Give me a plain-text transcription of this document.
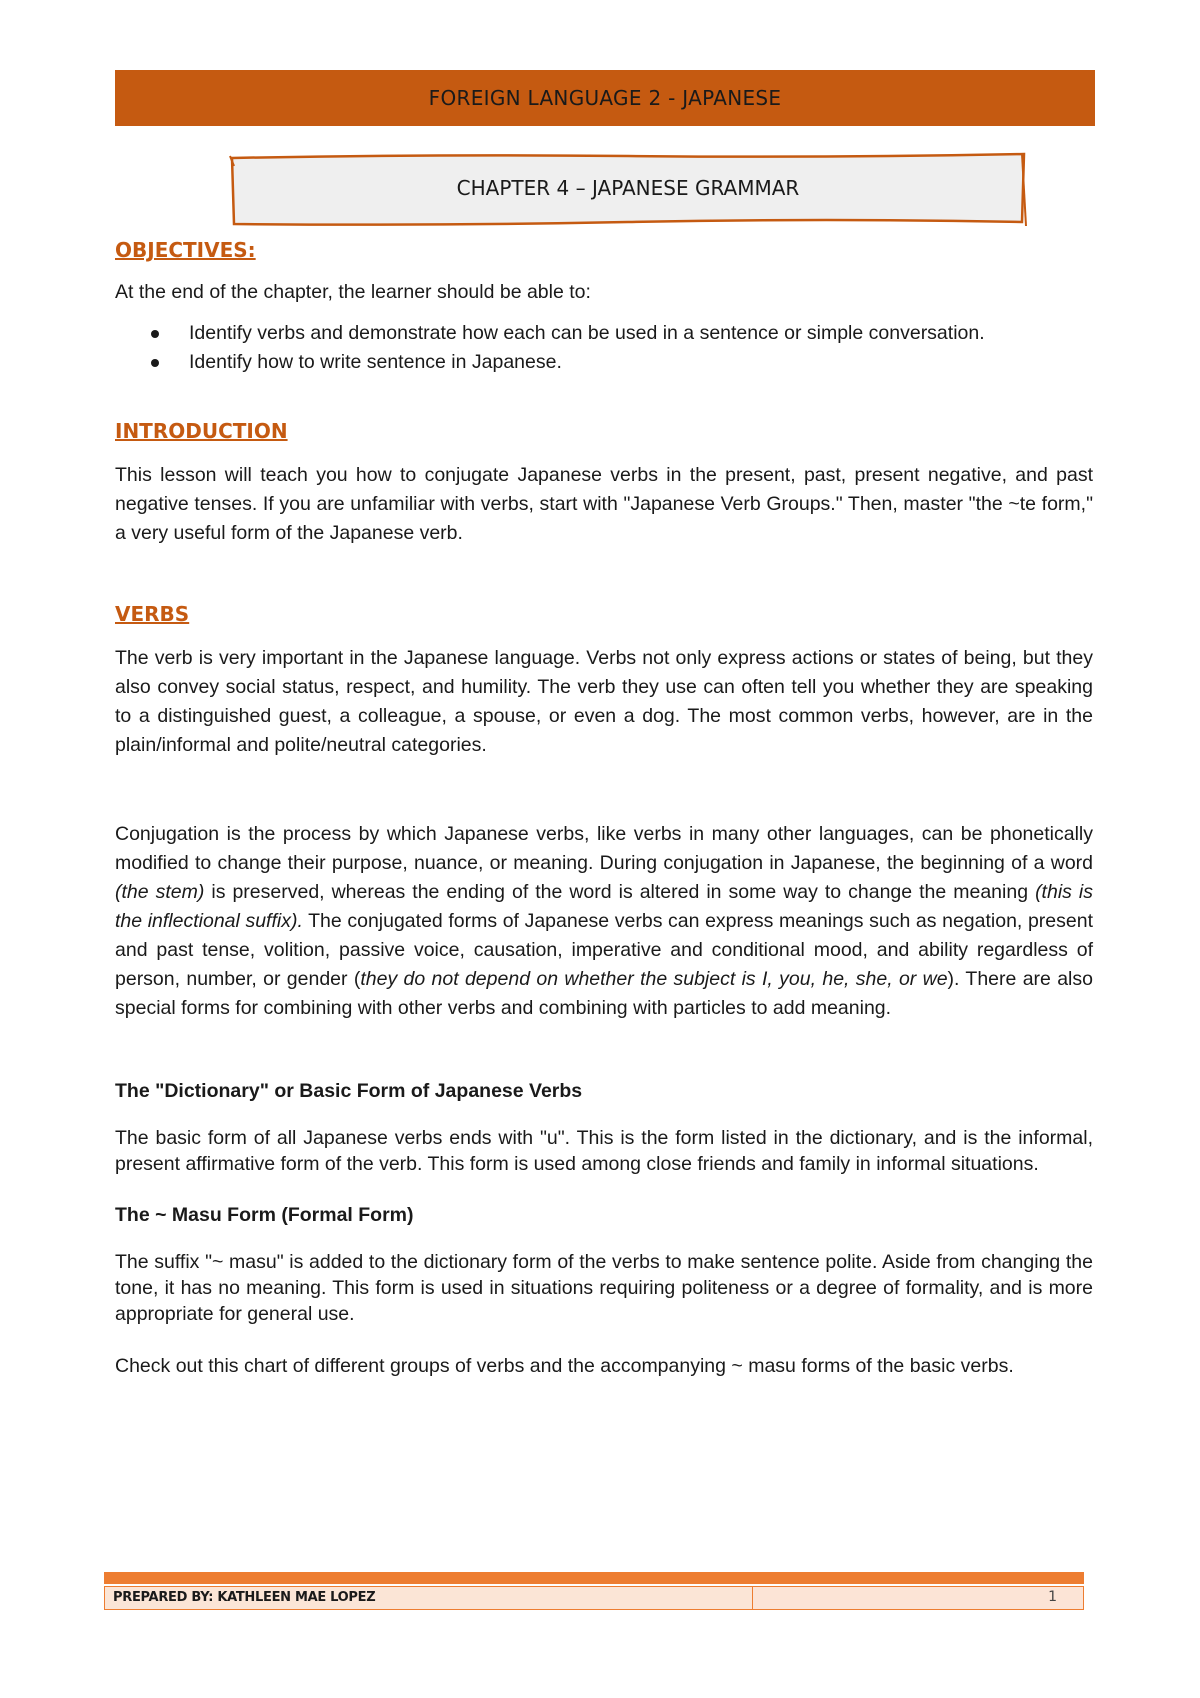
FOREIGN LANGUAGE 2 - JAPANESE
CHAPTER 4 – JAPANESE GRAMMAR
OBJECTIVES:

At the end of the chapter, the learner should be able to:

Identify verbs and demonstrate how each can be used in a sentence or simple conversation.
Identify how to write sentence in Japanese.
INTRODUCTION

This lesson will teach you how to conjugate Japanese verbs in the present, past, present negative, and past negative tenses. If you are unfamiliar with verbs, start with "Japanese Verb Groups." Then, master "the ~te form," a very useful form of the Japanese verb.

VERBS

The verb is very important in the Japanese language. Verbs not only express actions or states of being, but they also convey social status, respect, and humility. The verb they use can often tell you whether they are speaking to a distinguished guest, a colleague, a spouse, or even a dog. The most common verbs, however, are in the plain/informal and polite/neutral categories.

Conjugation is the process by which Japanese verbs, like verbs in many other languages, can be phonetically modified to change their purpose, nuance, or meaning. During conjugation in Japanese, the beginning of a word (the stem) is preserved, whereas the ending of the word is altered in some way to change the meaning (this is the inflectional suffix). The conjugated forms of Japanese verbs can express meanings such as negation, present and past tense, volition, passive voice, causation, imperative and conditional mood, and ability regardless of person, number, or gender (they do not depend on whether the subject is I, you, he, she, or we). There are also special forms for combining with other verbs and combining with particles to add meaning.

The "Dictionary" or Basic Form of Japanese Verbs

The basic form of all Japanese verbs ends with "u". This is the form listed in the dictionary, and is the informal, present affirmative form of the verb. This form is used among close friends and family in informal situations.

The ~ Masu Form (Formal Form)

The suffix "~ masu" is added to the dictionary form of the verbs to make sentence polite. Aside from changing the tone, it has no meaning. This form is used in situations requiring politeness or a degree of formality, and is more appropriate for general use.

Check out this chart of different groups of verbs and the accompanying ~ masu forms of the basic verbs.

PREPARED BY: KATHLEEN MAE LOPEZ	1
